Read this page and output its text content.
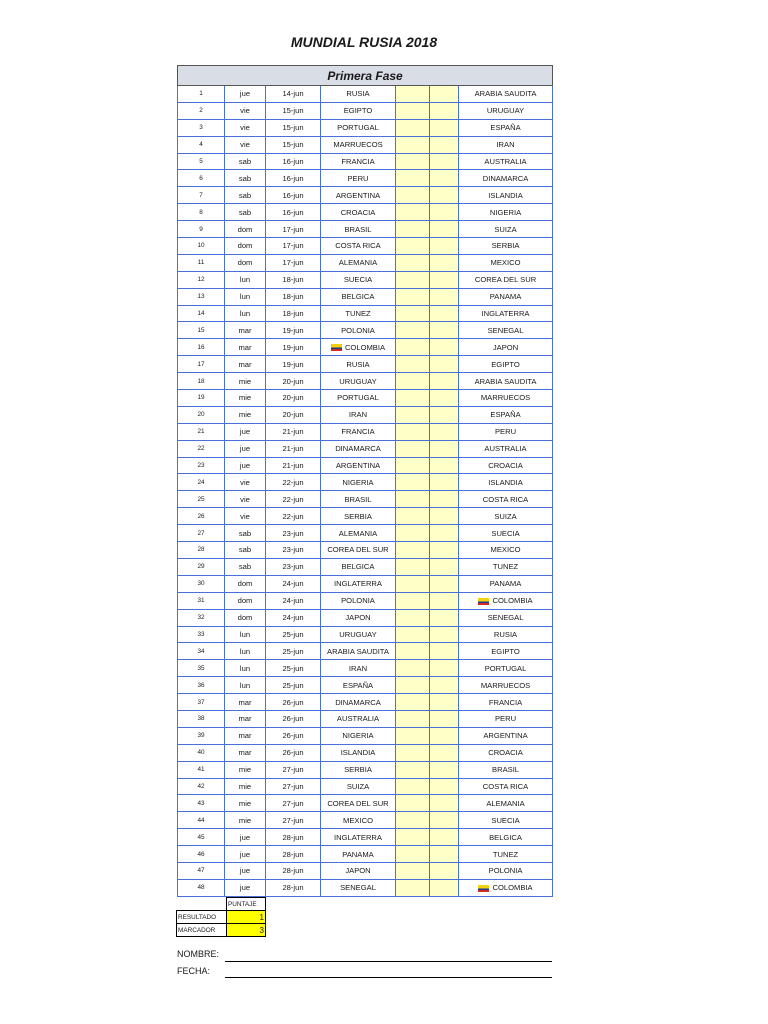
MUNDIAL RUSIA 2018
Primera Fase						
1	jue	14-jun	RUSIA			ARABIA SAUDITA
2	vie	15-jun	EGIPTO			URUGUAY
3	vie	15-jun	PORTUGAL			ESPAÑA
4	vie	15-jun	MARRUECOS			IRAN
5	sab	16-jun	FRANCIA			AUSTRALIA
6	sab	16-jun	PERU			DINAMARCA
7	sab	16-jun	ARGENTINA			ISLANDIA
8	sab	16-jun	CROACIA			NIGERIA
9	dom	17-jun	BRASIL			SUIZA
10	dom	17-jun	COSTA RICA			SERBIA
11	dom	17-jun	ALEMANIA			MEXICO
12	lun	18-jun	SUECIA			COREA DEL SUR
13	lun	18-jun	BELGICA			PANAMA
14	lun	18-jun	TUNEZ			INGLATERRA
15	mar	19-jun	POLONIA			SENEGAL
16	mar	19-jun	COLOMBIA			JAPON
17	mar	19-jun	RUSIA			EGIPTO
18	mie	20-jun	URUGUAY			ARABIA SAUDITA
19	mie	20-jun	PORTUGAL			MARRUECOS
20	mie	20-jun	IRAN			ESPAÑA
21	jue	21-jun	FRANCIA			PERU
22	jue	21-jun	DINAMARCA			AUSTRALIA
23	jue	21-jun	ARGENTINA			CROACIA
24	vie	22-jun	NIGERIA			ISLANDIA
25	vie	22-jun	BRASIL			COSTA RICA
26	vie	22-jun	SERBIA			SUIZA
27	sab	23-jun	ALEMANIA			SUECIA
28	sab	23-jun	COREA DEL SUR			MEXICO
29	sab	23-jun	BELGICA			TUNEZ
30	dom	24-jun	INGLATERRA			PANAMA
31	dom	24-jun	POLONIA			COLOMBIA
32	dom	24-jun	JAPON			SENEGAL
33	lun	25-jun	URUGUAY			RUSIA
34	lun	25-jun	ARABIA SAUDITA			EGIPTO
35	lun	25-jun	IRAN			PORTUGAL
36	lun	25-jun	ESPAÑA			MARRUECOS
37	mar	26-jun	DINAMARCA			FRANCIA
38	mar	26-jun	AUSTRALIA			PERU
39	mar	26-jun	NIGERIA			ARGENTINA
40	mar	26-jun	ISLANDIA			CROACIA
41	mie	27-jun	SERBIA			BRASIL
42	mie	27-jun	SUIZA			COSTA RICA
43	mie	27-jun	COREA DEL SUR			ALEMANIA
44	mie	27-jun	MEXICO			SUECIA
45	jue	28-jun	INGLATERRA			BELGICA
46	jue	28-jun	PANAMA			TUNEZ
47	jue	28-jun	JAPON			POLONIA
48	jue	28-jun	SENEGAL			COLOMBIA
	PUNTAJE
RESULTADO	1
MARCADOR	3
NOMBRE:
FECHA:
